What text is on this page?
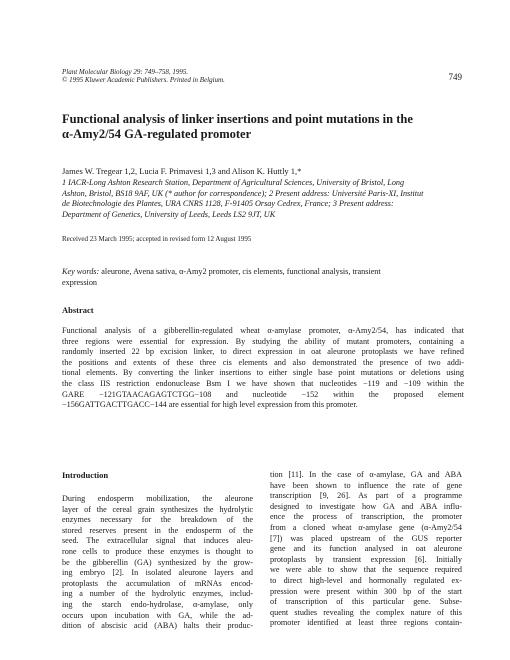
Plant Molecular Biology 29: 749–758, 1995.
© 1995 Kluwer Academic Publishers. Printed in Belgium.	749
Functional analysis of linker insertions and point mutations in the
α-Amy2/54 GA-regulated promoter
James W. Tregear 1,2, Lucia F. Primavesi 1,3 and Alison K. Huttly 1,*
1 IACR-Long Ashton Research Station, Department of Agricultural Sciences, University of Bristol, Long
Ashton, Bristol, BS18 9AF, UK (* author for correspondence); 2 Present address: Université Paris-XI, Institut
de Biotechnologie des Plantes, URA CNRS 1128, F-91405 Orsay Cedrex, France; 3 Present address:
Department of Genetics, University of Leeds, Leeds LS2 9JT, UK
Received 23 March 1995; accepted in revised form 12 August 1995
Key words: aleurone, Avena sativa, α-Amy2 promoter, cis elements, functional analysis, transient
expression
Abstract
Functional analysis of a gibberellin-regulated wheat α-amylase promoter, α-Amy2/54, has indicated that
three regions were essential for expression. By studying the ability of mutant promoters, containing a
randomly inserted 22 bp excision linker, to direct expression in oat aleurone protoplasts we have refined
the positions and extents of these three cis elements and also demonstrated the presence of two addi-
tional elements. By converting the linker insertions to either single base point mutations or deletions using
the class IIS restriction endonuclease Bsm I we have shown that nucleotides −119 and −109 within the
GARE −121GTAACAGAGTCTGG−108 and nucleotide −152 within the proposed element
−156GATTGACTTGACC−144 are essential for high level expression from this promoter.
Introduction
During endosperm mobilization, the aleurone
layer of the cereal grain synthesizes the hydrolytic
enzymes necessary for the breakdown of the
stored reserves present in the endosperm of the
seed. The extracellular signal that induces aleu-
rone cells to produce these enzymes is thought to
be the gibberellin (GA) synthesized by the grow-
ing embryo [2]. In isolated aleurone layers and
protoplasts the accumulation of mRNAs encod-
ing a number of the hydrolytic enzymes, includ-
ing the starch endo-hydrolase, α-amylase, only
occurs upon incubation with GA, while the ad-
dition of abscisic acid (ABA) halts their produc-
tion [11]. In the case of α-amylase, GA and ABA
have been shown to influence the rate of gene
transcription [9, 26]. As part of a programme
designed to investigate how GA and ABA influ-
ence the process of transcription, the promoter
from a cloned wheat α-amylase gene (α-Amy2/54
[7]) was placed upstream of the GUS reporter
gene and its function analysed in oat aleurone
protoplasts by transient expression [6]. Initially
we were able to show that the sequence required
to direct high-level and hormonally regulated ex-
pression were present within 300 bp of the start
of transcription of this particular gene. Subse-
quent studies revealing the complex nature of this
promoter identified at least three regions contain-
